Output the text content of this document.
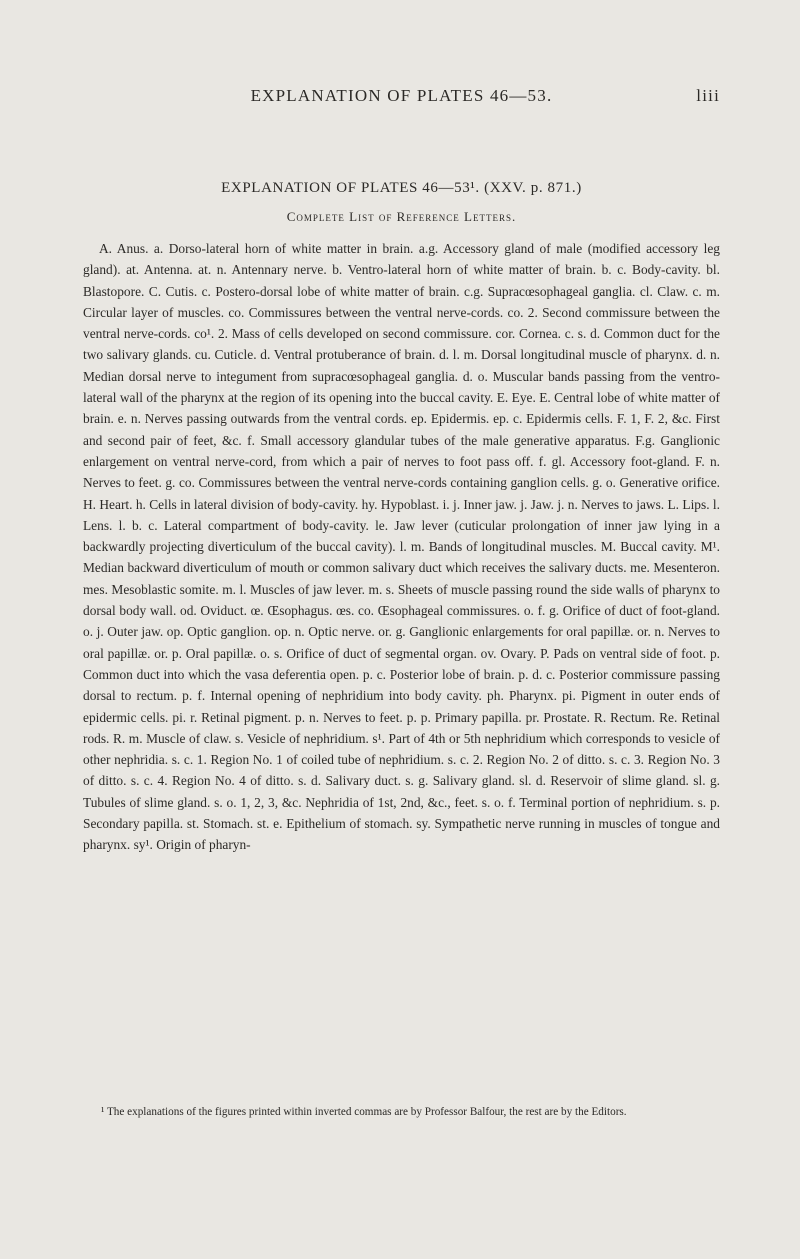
EXPLANATION OF PLATES 46—53.	liii

EXPLANATION OF PLATES 46—53¹. (XXV. p. 871.)

Complete List of Reference Letters.

A. Anus. a. Dorso-lateral horn of white matter in brain. a.g. Accessory gland of male (modified accessory leg gland). at. Antenna. at. n. Antennary nerve. b. Ventro-lateral horn of white matter of brain. b. c. Body-cavity. bl. Blastopore. C. Cutis. c. Postero-dorsal lobe of white matter of brain. c.g. Supracœsophageal ganglia. cl. Claw. c. m. Circular layer of muscles. co. Commissures between the ventral nerve-cords. co. 2. Second commissure between the ventral nerve-cords. co¹. 2. Mass of cells developed on second commissure. cor. Cornea. c. s. d. Common duct for the two salivary glands. cu. Cuticle. d. Ventral protuberance of brain. d. l. m. Dorsal longitudinal muscle of pharynx. d. n. Median dorsal nerve to integument from supracœsophageal ganglia. d. o. Muscular bands passing from the ventro-lateral wall of the pharynx at the region of its opening into the buccal cavity. E. Eye. E. Central lobe of white matter of brain. e. n. Nerves passing outwards from the ventral cords. ep. Epidermis. ep. c. Epidermis cells. F. 1, F. 2, &c. First and second pair of feet, &c. f. Small accessory glandular tubes of the male generative apparatus. F.g. Ganglionic enlargement on ventral nerve-cord, from which a pair of nerves to foot pass off. f. gl. Accessory foot-gland. F. n. Nerves to feet. g. co. Commissures between the ventral nerve-cords containing ganglion cells. g. o. Generative orifice. H. Heart. h. Cells in lateral division of body-cavity. hy. Hypoblast. i. j. Inner jaw. j. Jaw. j. n. Nerves to jaws. L. Lips. l. Lens. l. b. c. Lateral compartment of body-cavity. le. Jaw lever (cuticular prolongation of inner jaw lying in a backwardly projecting diverticulum of the buccal cavity). l. m. Bands of longitudinal muscles. M. Buccal cavity. M¹. Median backward diverticulum of mouth or common salivary duct which receives the salivary ducts. me. Mesenteron. mes. Mesoblastic somite. m. l. Muscles of jaw lever. m. s. Sheets of muscle passing round the side walls of pharynx to dorsal body wall. od. Oviduct. œ. Œsophagus. œs. co. Œsophageal commissures. o. f. g. Orifice of duct of foot-gland. o. j. Outer jaw. op. Optic ganglion. op. n. Optic nerve. or. g. Ganglionic enlargements for oral papillæ. or. n. Nerves to oral papillæ. or. p. Oral papillæ. o. s. Orifice of duct of segmental organ. ov. Ovary. P. Pads on ventral side of foot. p. Common duct into which the vasa deferentia open. p. c. Posterior lobe of brain. p. d. c. Posterior commissure passing dorsal to rectum. p. f. Internal opening of nephridium into body cavity. ph. Pharynx. pi. Pigment in outer ends of epidermic cells. pi. r. Retinal pigment. p. n. Nerves to feet. p. p. Primary papilla. pr. Prostate. R. Rectum. Re. Retinal rods. R. m. Muscle of claw. s. Vesicle of nephridium. s¹. Part of 4th or 5th nephridium which corresponds to vesicle of other nephridia. s. c. 1. Region No. 1 of coiled tube of nephridium. s. c. 2. Region No. 2 of ditto. s. c. 3. Region No. 3 of ditto. s. c. 4. Region No. 4 of ditto. s. d. Salivary duct. s. g. Salivary gland. sl. d. Reservoir of slime gland. sl. g. Tubules of slime gland. s. o. 1, 2, 3, &c. Nephridia of 1st, 2nd, &c., feet. s. o. f. Terminal portion of nephridium. s. p. Secondary papilla. st. Stomach. st. e. Epithelium of stomach. sy. Sympathetic nerve running in muscles of tongue and pharynx. sy¹. Origin of pharyn-

¹ The explanations of the figures printed within inverted commas are by Professor Balfour, the rest are by the Editors.
